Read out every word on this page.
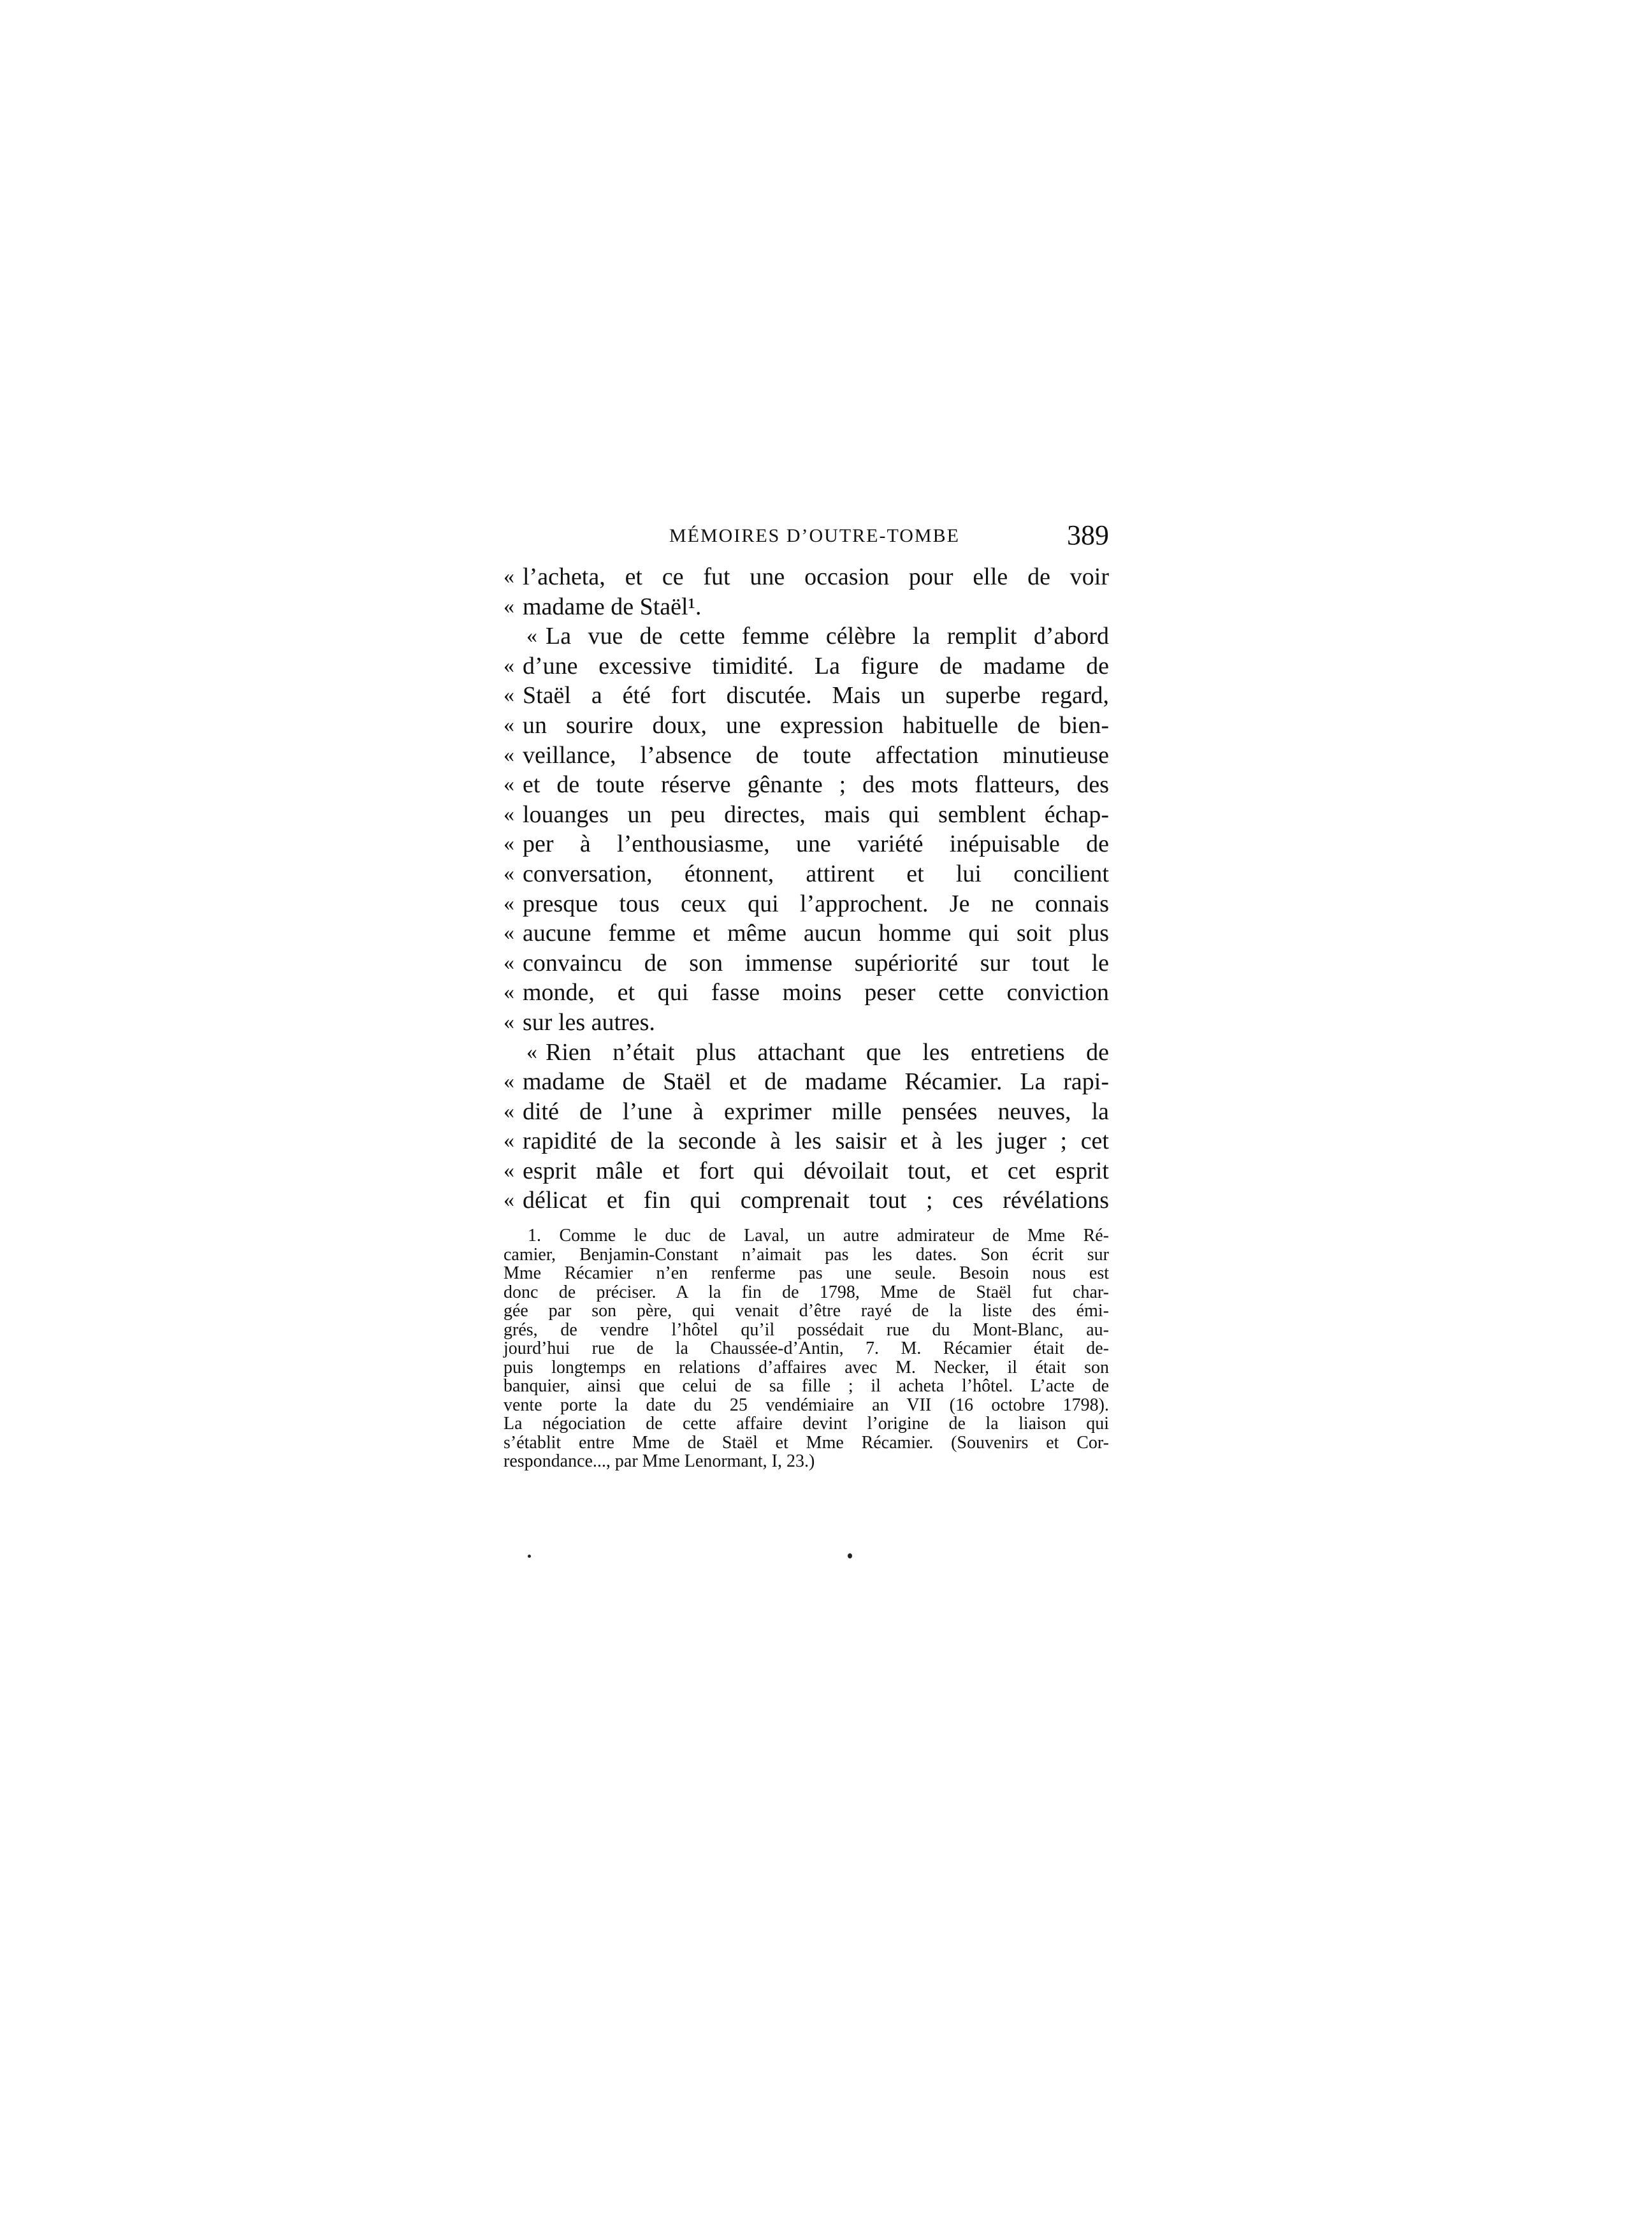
MÉMOIRES D’OUTRE-TOMBE	389
« l’acheta, et ce fut une occasion pour elle de voir
« madame de Staël¹.
« La vue de cette femme célèbre la remplit d’abord
« d’une excessive timidité. La figure de madame de
« Staël a été fort discutée. Mais un superbe regard,
« un sourire doux, une expression habituelle de bien-
« veillance, l’absence de toute affectation minutieuse
« et de toute réserve gênante ; des mots flatteurs, des
« louanges un peu directes, mais qui semblent échap-
« per à l’enthousiasme, une variété inépuisable de
« conversation, étonnent, attirent et lui concilient
« presque tous ceux qui l’approchent. Je ne connais
« aucune femme et même aucun homme qui soit plus
« convaincu de son immense supériorité sur tout le
« monde, et qui fasse moins peser cette conviction
« sur les autres.
« Rien n’était plus attachant que les entretiens de
« madame de Staël et de madame Récamier. La rapi-
« dité de l’une à exprimer mille pensées neuves, la
« rapidité de la seconde à les saisir et à les juger ; cet
« esprit mâle et fort qui dévoilait tout, et cet esprit
« délicat et fin qui comprenait tout ; ces révélations
1. Comme le duc de Laval, un autre admirateur de Mme Ré-
camier, Benjamin-Constant n’aimait pas les dates. Son écrit sur
Mme Récamier n’en renferme pas une seule. Besoin nous est
donc de préciser. A la fin de 1798, Mme de Staël fut char-
gée par son père, qui venait d’être rayé de la liste des émi-
grés, de vendre l’hôtel qu’il possédait rue du Mont-Blanc, au-
jourd’hui rue de la Chaussée-d’Antin, 7. M. Récamier était de-
puis longtemps en relations d’affaires avec M. Necker, il était son
banquier, ainsi que celui de sa fille ; il acheta l’hôtel. L’acte de
vente porte la date du 25 vendémiaire an VII (16 octobre 1798).
La négociation de cette affaire devint l’origine de la liaison qui
s’établit entre Mme de Staël et Mme Récamier. (Souvenirs et Cor-
respondance..., par Mme Lenormant, I, 23.)
